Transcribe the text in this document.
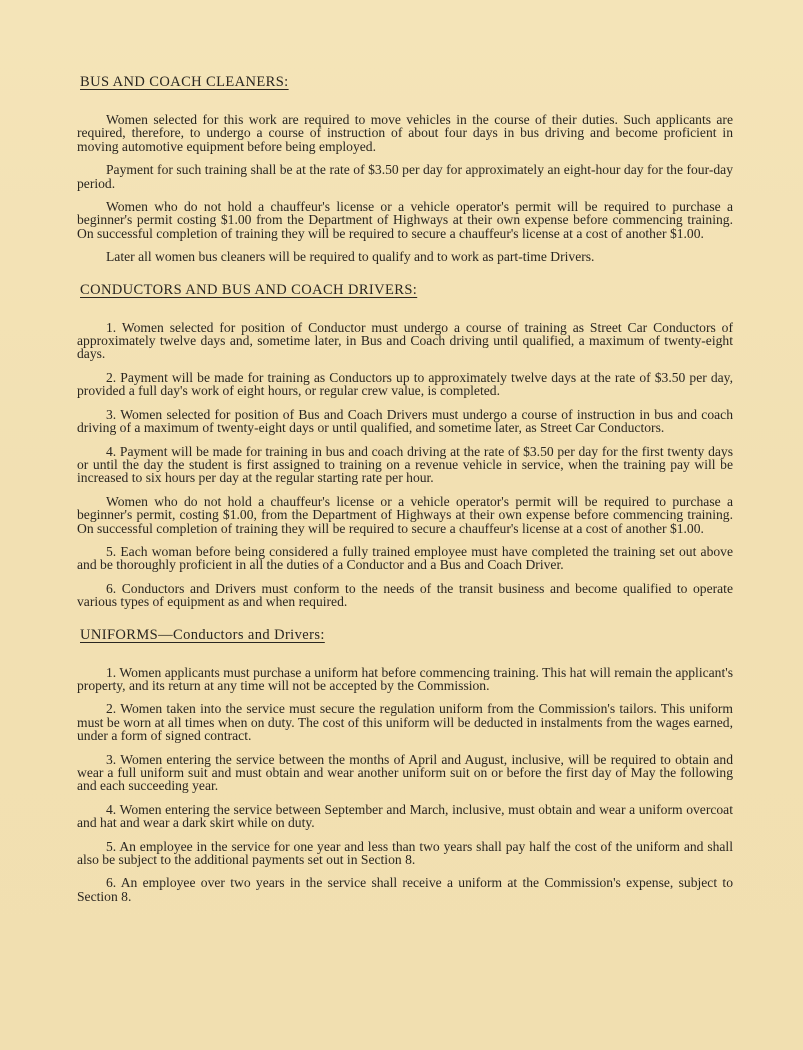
BUS AND COACH CLEANERS:

Women selected for this work are required to move vehicles in the course of their duties. Such applicants are required, therefore, to undergo a course of instruction of about four days in bus driving and become proficient in moving automotive equipment before being employed.

Payment for such training shall be at the rate of $3.50 per day for approximately an eight-hour day for the four-day period.

Women who do not hold a chauffeur's license or a vehicle operator's permit will be required to purchase a beginner's permit costing $1.00 from the Department of Highways at their own expense before commencing training. On successful completion of training they will be required to secure a chauffeur's license at a cost of another $1.00.

Later all women bus cleaners will be required to qualify and to work as part-time Drivers.

CONDUCTORS AND BUS AND COACH DRIVERS:

1. Women selected for position of Conductor must undergo a course of training as Street Car Conductors of approximately twelve days and, sometime later, in Bus and Coach driving until qualified, a maximum of twenty-eight days.

2. Payment will be made for training as Conductors up to approximately twelve days at the rate of $3.50 per day, provided a full day's work of eight hours, or regular crew value, is completed.

3. Women selected for position of Bus and Coach Drivers must undergo a course of instruction in bus and coach driving of a maximum of twenty-eight days or until qualified, and sometime later, as Street Car Conductors.

4. Payment will be made for training in bus and coach driving at the rate of $3.50 per day for the first twenty days or until the day the student is first assigned to training on a revenue vehicle in service, when the training pay will be increased to six hours per day at the regular starting rate per hour.

Women who do not hold a chauffeur's license or a vehicle operator's permit will be required to purchase a beginner's permit, costing $1.00, from the Department of Highways at their own expense before commencing training. On successful completion of training they will be required to secure a chauffeur's license at a cost of another $1.00.

5. Each woman before being considered a fully trained employee must have completed the training set out above and be thoroughly proficient in all the duties of a Conductor and a Bus and Coach Driver.

6. Conductors and Drivers must conform to the needs of the transit business and become qualified to operate various types of equipment as and when required.

UNIFORMS—Conductors and Drivers:

1. Women applicants must purchase a uniform hat before commencing training. This hat will remain the applicant's property, and its return at any time will not be accepted by the Commission.

2. Women taken into the service must secure the regulation uniform from the Commission's tailors. This uniform must be worn at all times when on duty. The cost of this uniform will be deducted in instalments from the wages earned, under a form of signed contract.

3. Women entering the service between the months of April and August, inclusive, will be required to obtain and wear a full uniform suit and must obtain and wear another uniform suit on or before the first day of May the following and each succeeding year.

4. Women entering the service between September and March, inclusive, must obtain and wear a uniform overcoat and hat and wear a dark skirt while on duty.

5. An employee in the service for one year and less than two years shall pay half the cost of the uniform and shall also be subject to the additional payments set out in Section 8.

6. An employee over two years in the service shall receive a uniform at the Commission's expense, subject to Section 8.
